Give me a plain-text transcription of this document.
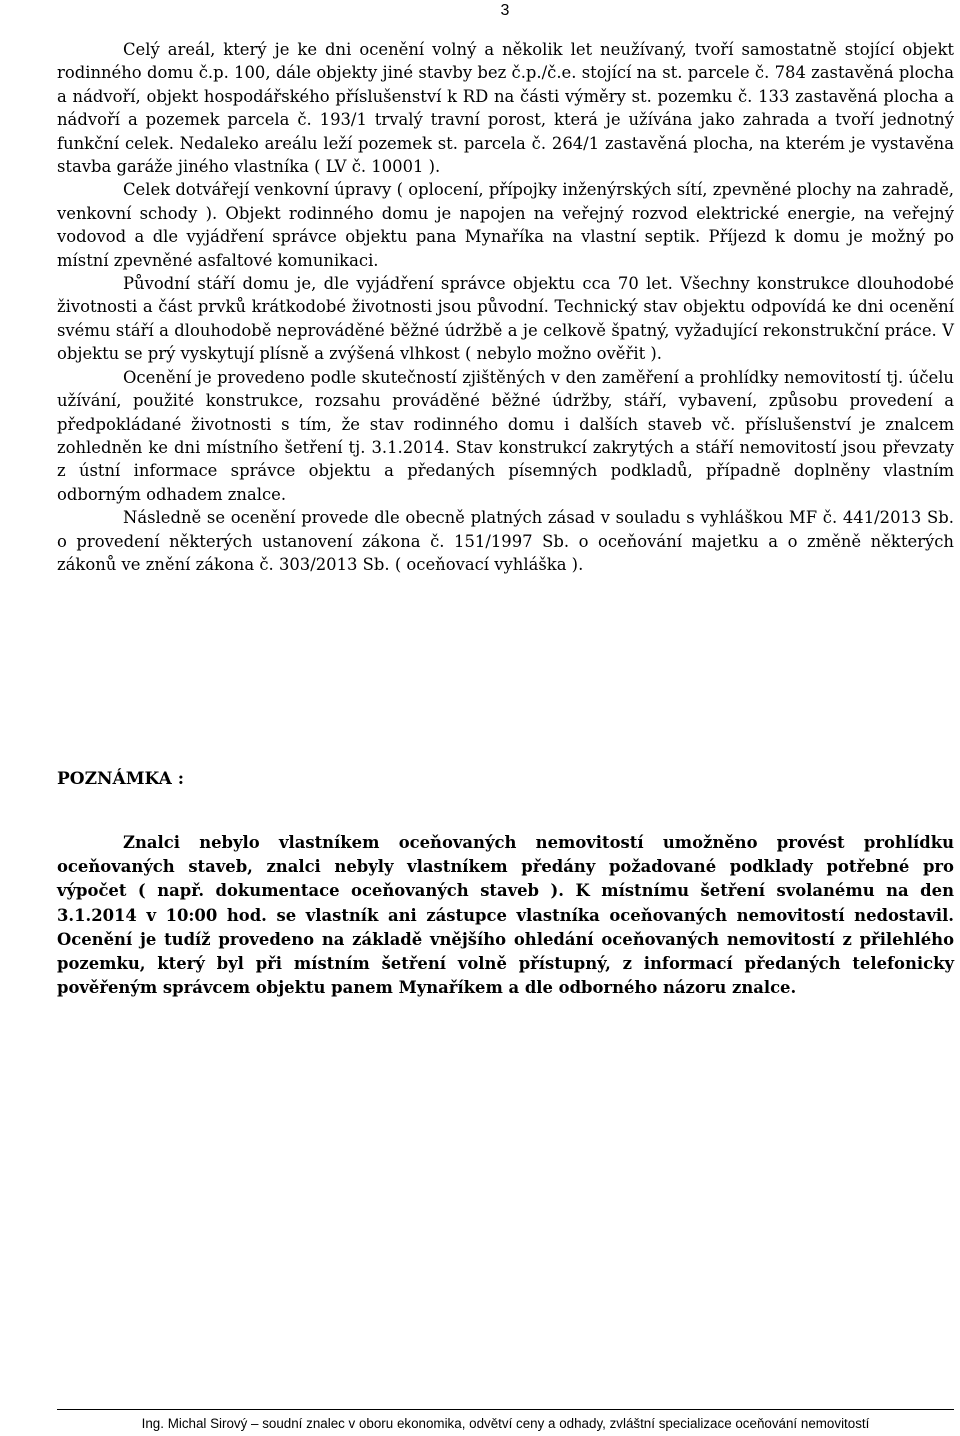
3

Celý areál, který je ke dni ocenění volný a několik let neužívaný, tvoří samostatně stojící objekt rodinného domu č.p. 100, dále objekty jiné stavby bez č.p./č.e. stojící na st. parcele č. 784 zastavěná plocha a nádvoří, objekt hospodářského příslušenství k RD na části výměry st. pozemku č. 133 zastavěná plocha a nádvoří a pozemek parcela č. 193/1 trvalý travní porost, která je užívána jako zahrada a tvoří jednotný funkční celek. Nedaleko areálu leží pozemek st. parcela č. 264/1 zastavěná plocha, na kterém je vystavěna stavba garáže jiného vlastníka ( LV č. 10001 ).

Celek dotvářejí venkovní úpravy ( oplocení, přípojky inženýrských sítí, zpevněné plochy na zahradě, venkovní schody ). Objekt rodinného domu je napojen na veřejný rozvod elektrické energie, na veřejný vodovod a dle vyjádření správce objektu pana Mynaříka na vlastní septik. Příjezd k domu je možný po místní zpevněné asfaltové komunikaci.

Původní stáří domu je, dle vyjádření správce objektu cca 70 let. Všechny konstrukce dlouhodobé životnosti a část prvků krátkodobé životnosti jsou původní. Technický stav objektu odpovídá ke dni ocenění svému stáří a dlouhodobě neprováděné běžné údržbě a je celkově špatný, vyžadující rekonstrukční práce. V objektu se prý vyskytují plísně a zvýšená vlhkost ( nebylo možno ověřit ).

Ocenění je provedeno podle skutečností zjištěných v den zaměření a prohlídky nemovitostí tj. účelu užívání, použité konstrukce, rozsahu prováděné běžné údržby, stáří, vybavení, způsobu provedení a předpokládané životnosti s tím, že stav rodinného domu i dalších staveb vč. příslušenství je znalcem zohledněn ke dni místního šetření tj. 3.1.2014. Stav konstrukcí zakrytých a stáří nemovitostí jsou převzaty z ústní informace správce objektu a předaných písemných podkladů, případně doplněny vlastním odborným odhadem znalce.

Následně se ocenění provede dle obecně platných zásad v souladu s vyhláškou MF č. 441/2013 Sb. o provedení některých ustanovení zákona č. 151/1997 Sb. o oceňování majetku a o změně některých zákonů ve znění zákona č. 303/2013 Sb. ( oceňovací vyhláška ).

POZNÁMKA :

Znalci nebylo vlastníkem oceňovaných nemovitostí umožněno provést prohlídku oceňovaných staveb, znalci nebyly vlastníkem předány požadované podklady potřebné pro výpočet ( např. dokumentace oceňovaných staveb ). K místnímu šetření svolanému na den 3.1.2014 v 10:00 hod. se vlastník ani zástupce vlastníka oceňovaných nemovitostí nedostavil. Ocenění je tudíž provedeno na základě vnějšího ohledání oceňovaných nemovitostí z přilehlého pozemku, který byl při místním šetření volně přístupný, z informací předaných telefonicky pověřeným správcem objektu panem Mynaříkem a dle odborného názoru znalce.

Ing. Michal Sirový – soudní znalec v oboru ekonomika, odvětví ceny a odhady, zvláštní specializace oceňování nemovitostí
